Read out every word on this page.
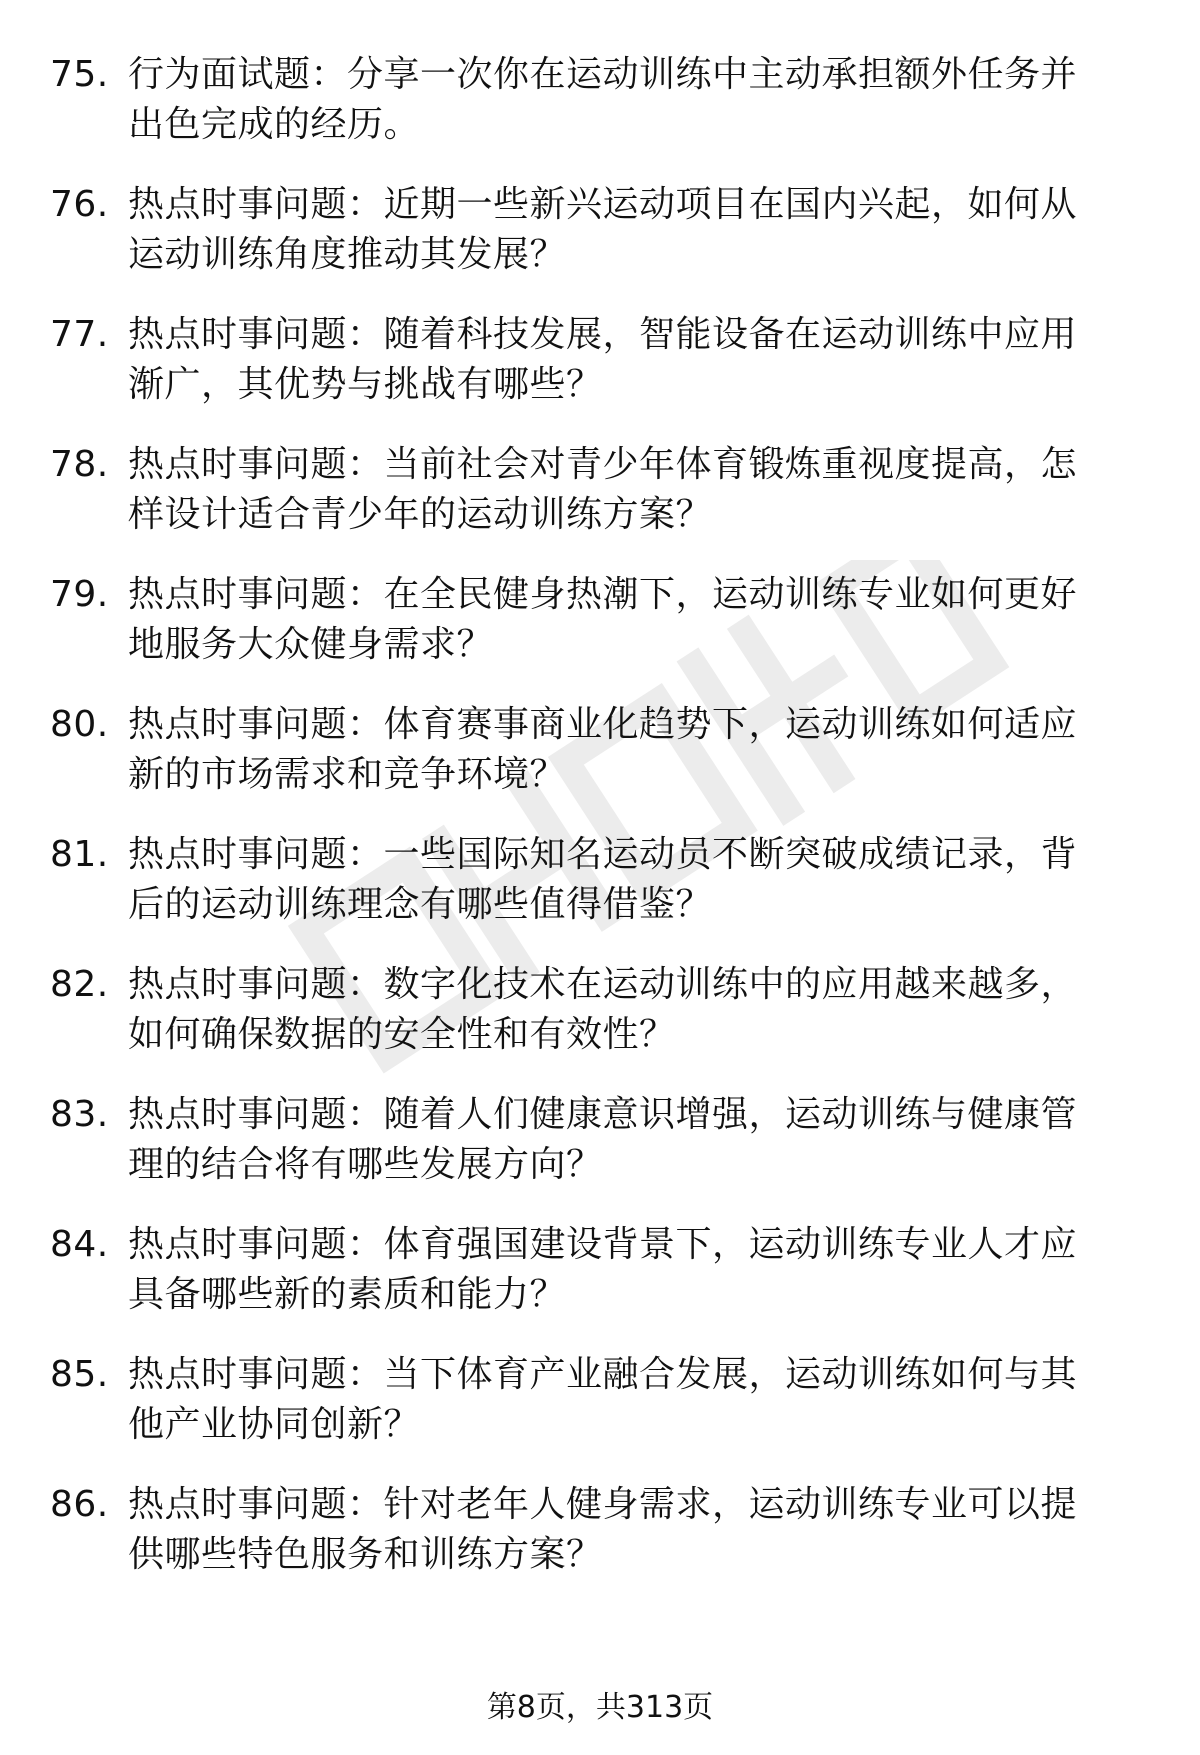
75. 行为面试题：分享一次你在运动训练中主动承担额外任务并出色完成的经历。
76. 热点时事问题：近期一些新兴运动项目在国内兴起，如何从运动训练角度推动其发展？
77. 热点时事问题：随着科技发展，智能设备在运动训练中应用渐广，其优势与挑战有哪些？
78. 热点时事问题：当前社会对青少年体育锻炼重视度提高，怎样设计适合青少年的运动训练方案？
79. 热点时事问题：在全民健身热潮下，运动训练专业如何更好地服务大众健身需求？
80. 热点时事问题：体育赛事商业化趋势下，运动训练如何适应新的市场需求和竞争环境？
81. 热点时事问题：一些国际知名运动员不断突破成绩记录，背后的运动训练理念有哪些值得借鉴？
82. 热点时事问题：数字化技术在运动训练中的应用越来越多，如何确保数据的安全性和有效性？
83. 热点时事问题：随着人们健康意识增强，运动训练与健康管理的结合将有哪些发展方向？
84. 热点时事问题：体育强国建设背景下，运动训练专业人才应具备哪些新的素质和能力？
85. 热点时事问题：当下体育产业融合发展，运动训练如何与其他产业协同创新？
86. 热点时事问题：针对老年人健身需求，运动训练专业可以提供哪些特色服务和训练方案？
第8页，共313页
